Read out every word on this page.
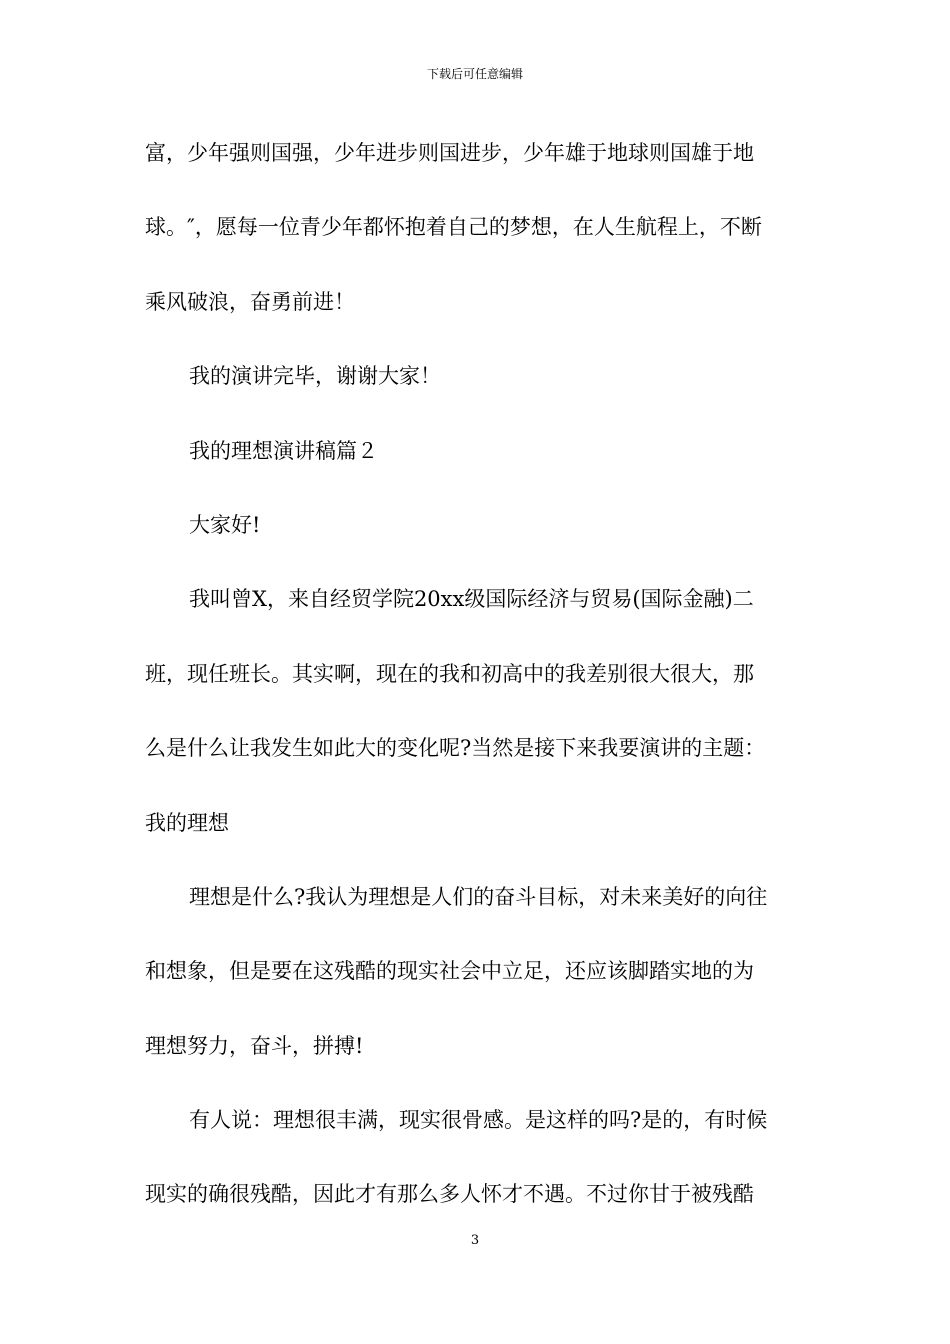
下载后可任意编辑
富，少年强则国强，少年进步则国进步，少年雄于地球则国雄于地
球。″，愿每一位青少年都怀抱着自己的梦想，在人生航程上，不断
乘风破浪，奋勇前进！
我的演讲完毕，谢谢大家！
我的理想演讲稿篇２
大家好!
我叫曾X，来自经贸学院20xx级国际经济与贸易(国际金融)二
班，现任班长。其实啊，现在的我和初高中的我差别很大很大，那
么是什么让我发生如此大的变化呢?当然是接下来我要演讲的主题：
我的理想
理想是什么?我认为理想是人们的奋斗目标，对未来美好的向往
和想象，但是要在这残酷的现实社会中立足，还应该脚踏实地的为
理想努力，奋斗，拼搏!
有人说：理想很丰满，现实很骨感。是这样的吗?是的，有时候
现实的确很残酷，因此才有那么多人怀才不遇。不过你甘于被残酷
3
